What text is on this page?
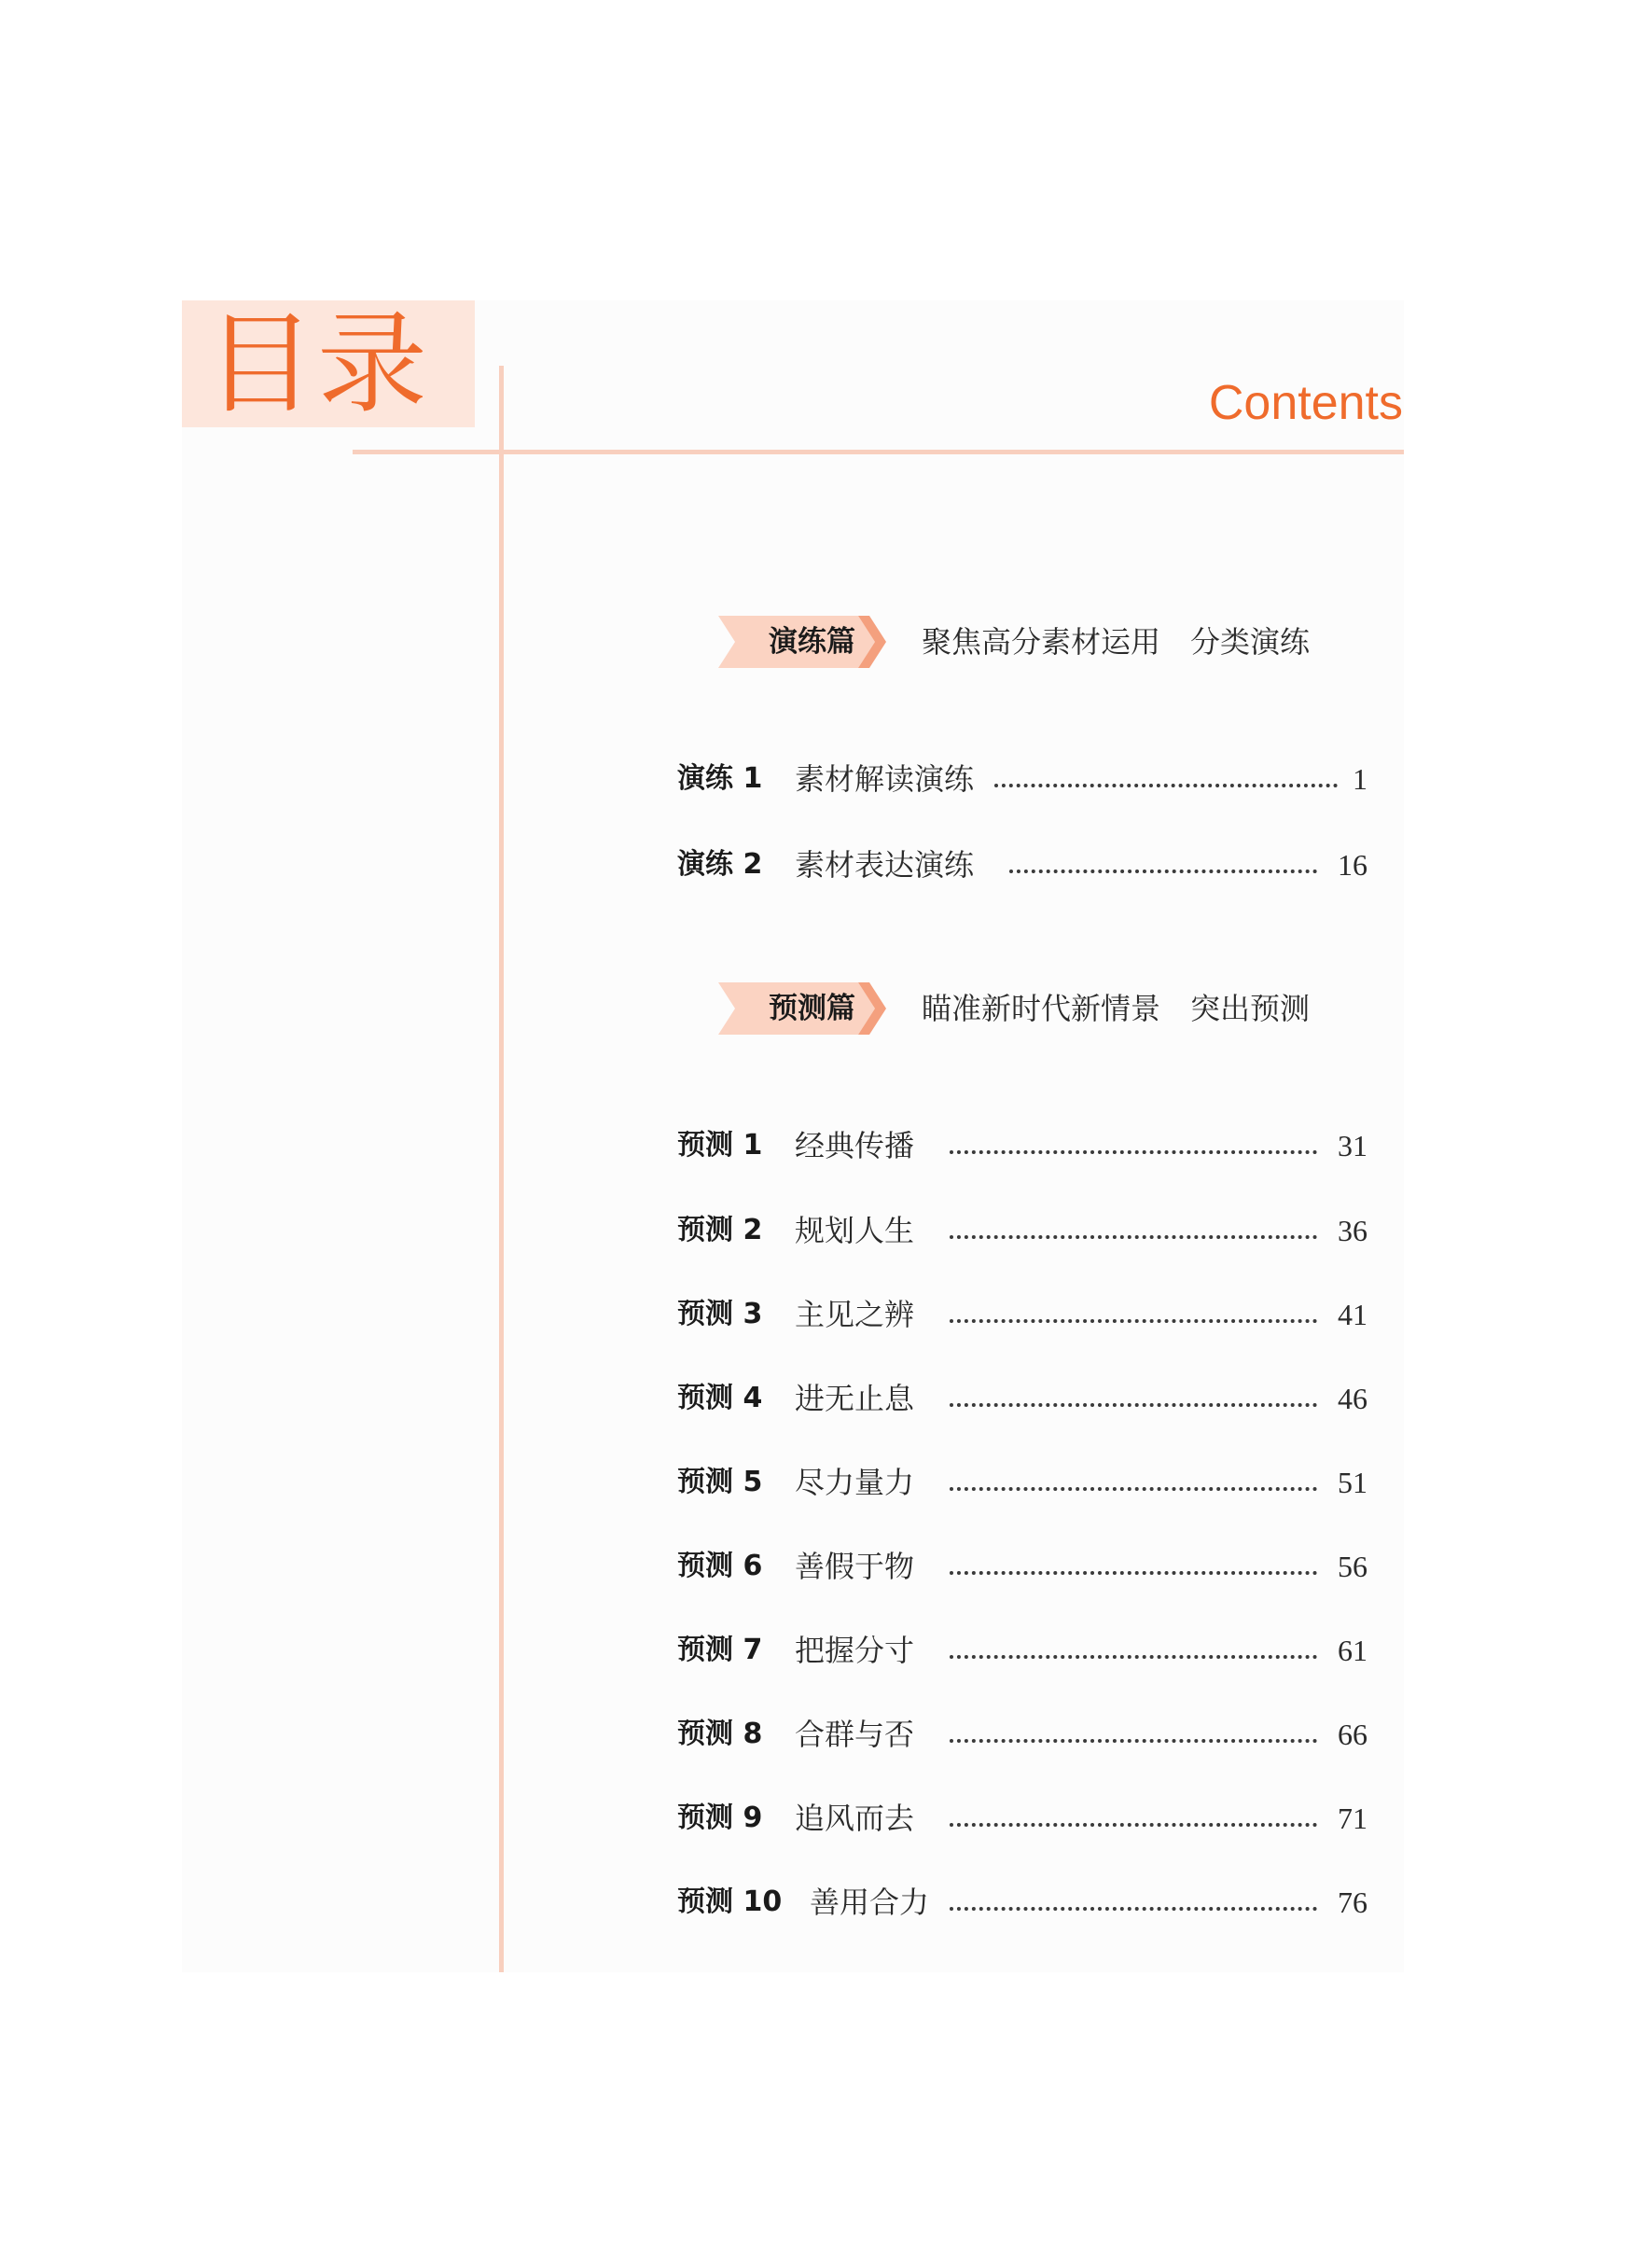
目录	Contents
演练篇 聚焦高分素材运用　分类演练
演练 1 素材解读演练	1
演练 2 素材表达演练	16
预测篇 瞄准新时代新情景　突出预测
预测 1 经典传播	31
预测 2 规划人生	36
预测 3 主见之辨	41
预测 4 进无止息	46
预测 5 尽力量力	51
预测 6 善假于物	56
预测 7 把握分寸	61
预测 8 合群与否	66
预测 9 追风而去	71
预测 10 善用合力	76
